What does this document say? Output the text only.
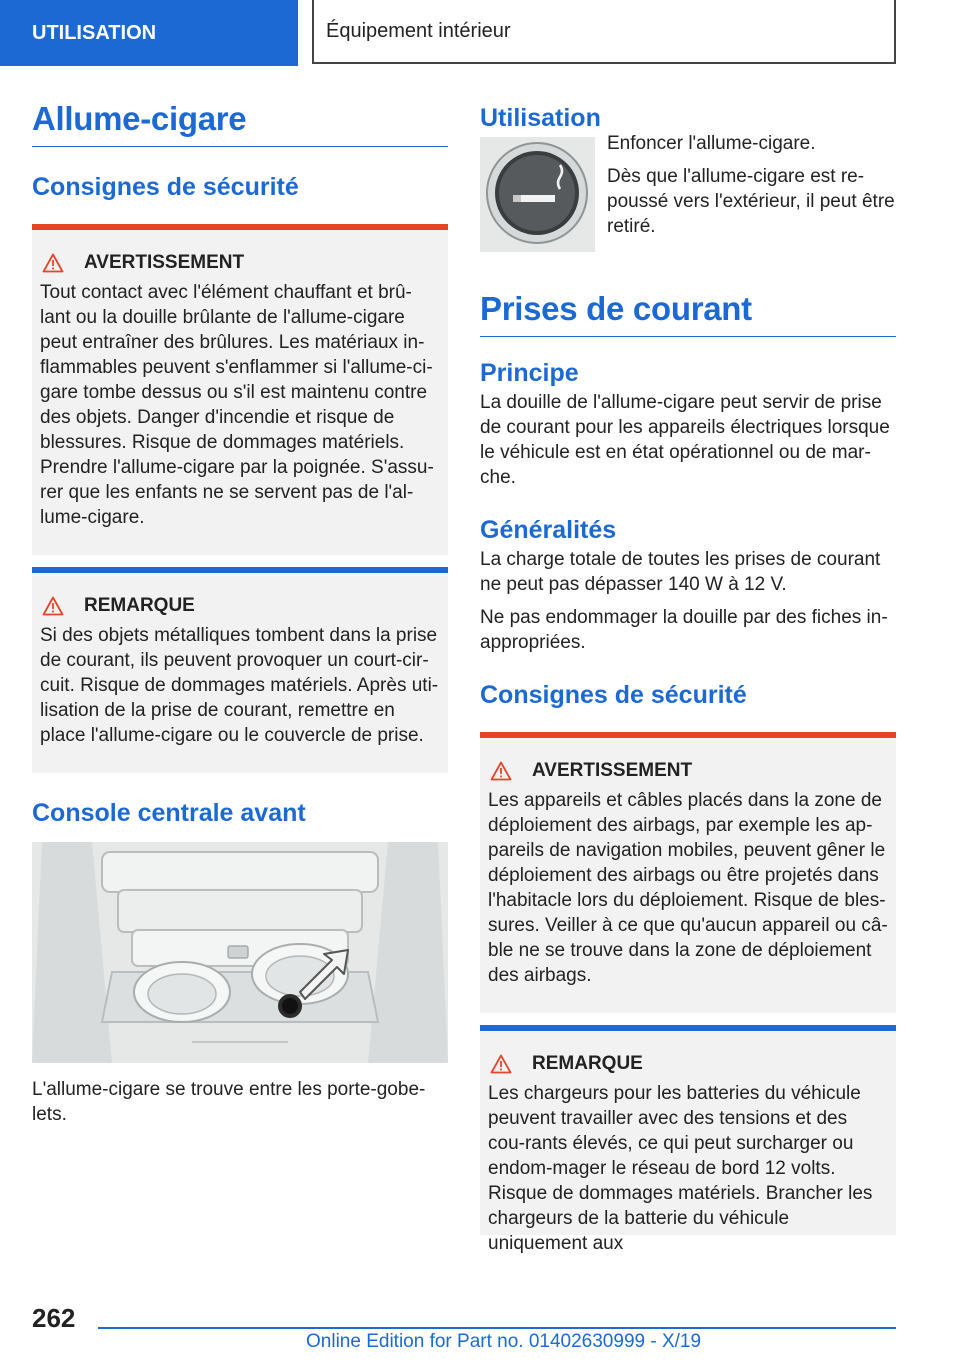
UTILISATION	Équipement intérieur
Allume-cigare
Consignes de sécurité
AVERTISSEMENT

Tout contact avec l'élément chauffant et brû-lant ou la douille brûlante de l'allume-cigare peut entraîner des brûlures. Les matériaux in-flammables peuvent s'enflammer si l'allume-ci-gare tombe dessus ou s'il est maintenu contre des objets. Danger d'incendie et risque de blessures. Risque de dommages matériels. Prendre l'allume-cigare par la poignée. S'assu-rer que les enfants ne se servent pas de l'al-lume-cigare.

REMARQUE

Si des objets métalliques tombent dans la prise de courant, ils peuvent provoquer un court-cir-cuit. Risque de dommages matériels. Après uti-lisation de la prise de courant, remettre en place l'allume-cigare ou le couvercle de prise.

Console centrale avant

L'allume-cigare se trouve entre les porte-gobe-lets.

Utilisation

Enfoncer l'allume-cigare.

Dès que l'allume-cigare est re-poussé vers l'extérieur, il peut être retiré.

Prises de courant
Principe

La douille de l'allume-cigare peut servir de prise de courant pour les appareils électriques lorsque le véhicule est en état opérationnel ou de mar-che.

Généralités

La charge totale de toutes les prises de courant ne peut pas dépasser 140 W à 12 V.

Ne pas endommager la douille par des fiches in-appropriées.

Consignes de sécurité
AVERTISSEMENT

Les appareils et câbles placés dans la zone de déploiement des airbags, par exemple les ap-pareils de navigation mobiles, peuvent gêner le déploiement des airbags ou être projetés dans l'habitacle lors du déploiement. Risque de bles-sures. Veiller à ce que qu'aucun appareil ou câ-ble ne se trouve dans la zone de déploiement des airbags.

REMARQUE

Les chargeurs pour les batteries du véhicule peuvent travailler avec des tensions et des cou-rants élevés, ce qui peut surcharger ou endom-mager le réseau de bord 12 volts. Risque de dommages matériels. Brancher les chargeurs de la batterie du véhicule uniquement aux

262
Online Edition for Part no. 01402630999 - X/19
